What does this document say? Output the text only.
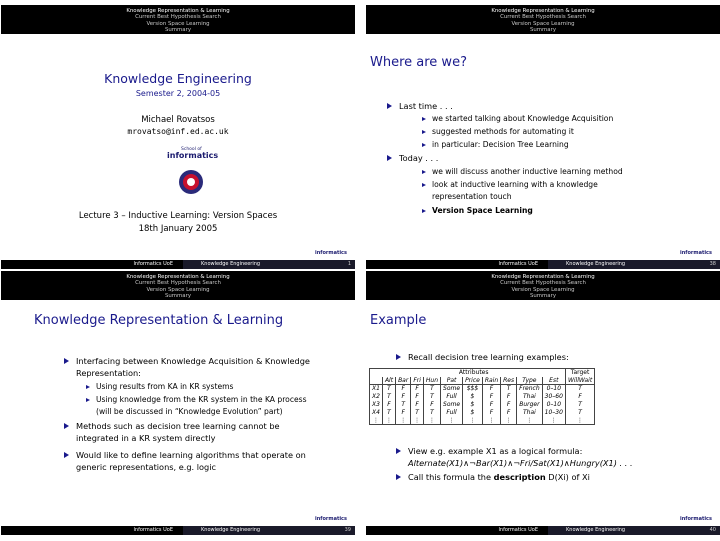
Knowledge Representation & Learning
Current Best Hypothesis Search
Version Space Learning
Summary
Knowledge Engineering
Semester 2, 2004-05
Michael Rovatsos
mrovatso@inf.ed.ac.uk
School of
informatics
Lecture 3 – Inductive Learning: Version Spaces
18th January 2005
informatics
Informatics UoE	Knowledge Engineering	1
Knowledge Representation & Learning
Current Best Hypothesis Search
Version Space Learning
Summary
Where are we?
Last time . . .
we started talking about Knowledge Acquisition
suggested methods for automating it
in particular: Decision Tree Learning
Today . . .
we will discuss another inductive learning method
look at inductive learning with a knowledge
representation touch
Version Space Learning
informatics
Informatics UoE	Knowledge Engineering	38
Knowledge Representation & Learning
Current Best Hypothesis Search
Version Space Learning
Summary
Knowledge Representation & Learning
Interfacing between Knowledge Acquisition & Knowledge
Representation:
Using results from KA in KR systems
Using knowledge from the KR system in the KA process
(will be discussed in “Knowledge Evolution” part)
Methods such as decision tree learning cannot be
integrated in a KR system directly
Would like to define learning algorithms that operate on
generic representations, e.g. logic
informatics
Informatics UoE	Knowledge Engineering	39
Knowledge Representation & Learning
Current Best Hypothesis Search
Version Space Learning
Summary
Example
Recall decision tree learning examples:
	Attributes										Target
	Alt	Bar	Fri	Hun	Pat	Price	Rain	Res	Type	Est	WillWait
X1	T	F	F	T	Some	$$$	F	T	French	0–10	T
X2	T	F	F	T	Full	$	F	F	Thai	30–60	F
X3	F	T	F	F	Some	$	F	F	Burger	0–10	T
X4	T	F	T	T	Full	$	F	F	Thai	10–30	T
⋮	⋮	⋮	⋮	⋮	⋮	⋮	⋮	⋮	⋮	⋮	⋮
View e.g. example X1 as a logical formula:
Alternate(X1)∧¬Bar(X1)∧¬Fri/Sat(X1)∧Hungry(X1) . . .
Call this formula the description D(Xi) of Xi
informatics
Informatics UoE	Knowledge Engineering	40
